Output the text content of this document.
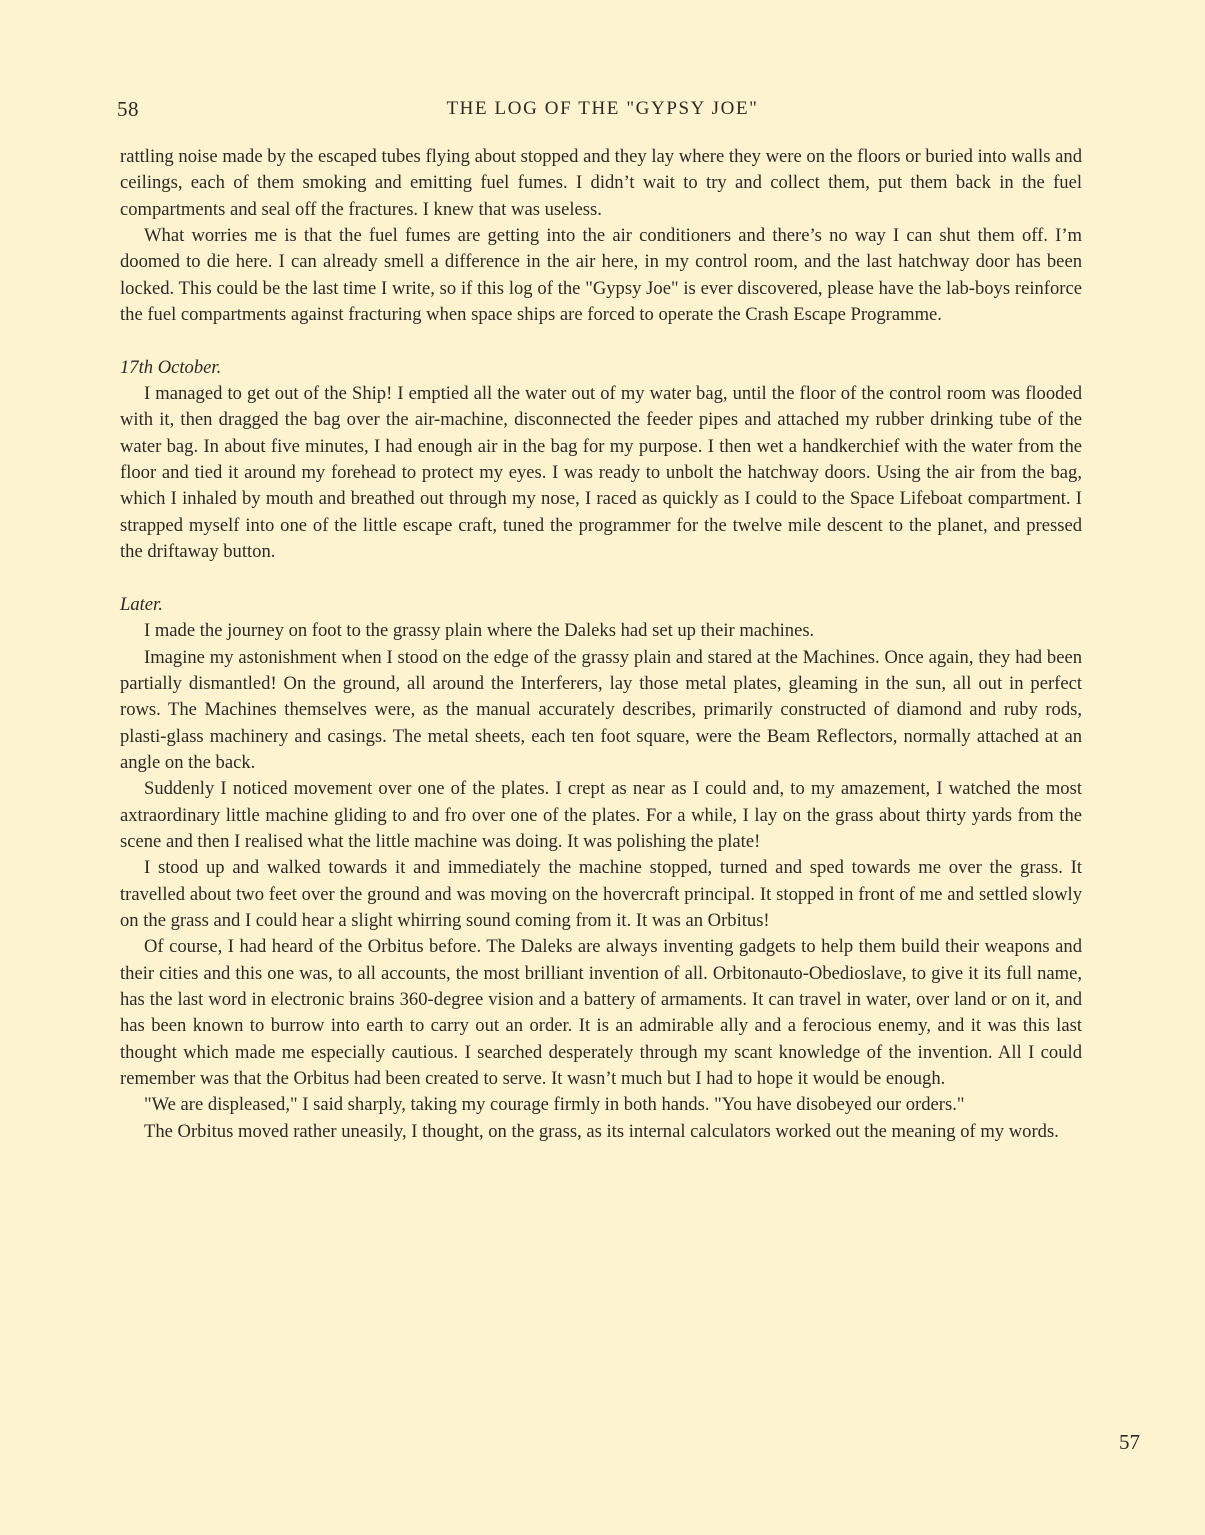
58	THE LOG OF THE "GYPSY JOE"

rattling noise made by the escaped tubes flying about stopped and they lay where they were on the floors or buried into walls and ceilings, each of them smoking and emitting fuel fumes. I didn’t wait to try and collect them, put them back in the fuel compartments and seal off the fractures. I knew that was useless.

What worries me is that the fuel fumes are getting into the air conditioners and there’s no way I can shut them off. I’m doomed to die here. I can already smell a difference in the air here, in my control room, and the last hatchway door has been locked. This could be the last time I write, so if this log of the "Gypsy Joe" is ever discovered, please have the lab-boys reinforce the fuel compartments against fracturing when space ships are forced to operate the Crash Escape Programme.

17th October.

I managed to get out of the Ship! I emptied all the water out of my water bag, until the floor of the control room was flooded with it, then dragged the bag over the air-machine, disconnected the feeder pipes and attached my rubber drinking tube of the water bag. In about five minutes, I had enough air in the bag for my purpose. I then wet a handkerchief with the water from the floor and tied it around my forehead to protect my eyes. I was ready to unbolt the hatchway doors. Using the air from the bag, which I inhaled by mouth and breathed out through my nose, I raced as quickly as I could to the Space Lifeboat compartment. I strapped myself into one of the little escape craft, tuned the programmer for the twelve mile descent to the planet, and pressed the driftaway button.

Later.

I made the journey on foot to the grassy plain where the Daleks had set up their machines.

Imagine my astonishment when I stood on the edge of the grassy plain and stared at the Machines. Once again, they had been partially dismantled! On the ground, all around the Interferers, lay those metal plates, gleaming in the sun, all out in perfect rows. The Machines themselves were, as the manual accurately describes, primarily constructed of diamond and ruby rods, plasti-glass machinery and casings. The metal sheets, each ten foot square, were the Beam Reflectors, normally attached at an angle on the back.

Suddenly I noticed movement over one of the plates. I crept as near as I could and, to my amazement, I watched the most axtraordinary little machine gliding to and fro over one of the plates. For a while, I lay on the grass about thirty yards from the scene and then I realised what the little machine was doing. It was polishing the plate!

I stood up and walked towards it and immediately the machine stopped, turned and sped towards me over the grass. It travelled about two feet over the ground and was moving on the hovercraft principal. It stopped in front of me and settled slowly on the grass and I could hear a slight whirring sound coming from it. It was an Orbitus!

Of course, I had heard of the Orbitus before. The Daleks are always inventing gadgets to help them build their weapons and their cities and this one was, to all accounts, the most brilliant invention of all. Orbitonauto-Obedioslave, to give it its full name, has the last word in electronic brains 360-degree vision and a battery of armaments. It can travel in water, over land or on it, and has been known to burrow into earth to carry out an order. It is an admirable ally and a ferocious enemy, and it was this last thought which made me especially cautious. I searched desperately through my scant knowledge of the invention. All I could remember was that the Orbitus had been created to serve. It wasn’t much but I had to hope it would be enough.

"We are displeased," I said sharply, taking my courage firmly in both hands. "You have disobeyed our orders."

The Orbitus moved rather uneasily, I thought, on the grass, as its internal calculators worked out the meaning of my words.

57
